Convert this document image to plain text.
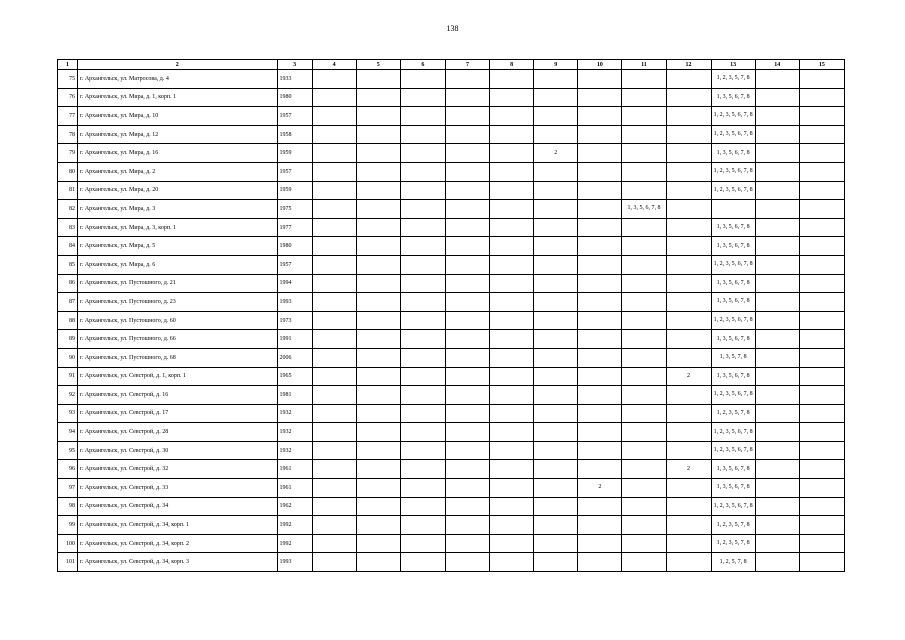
138
1	2	3	4	5	6	7	8	9	10	11	12	13	14	15
75	г. Архангельск, ул. Матросова, д. 4	1933										1, 2, 3, 5, 7, 8		
76	г. Архангельск, ул. Мира, д. 1, корп. 1	1980										1, 3, 5, 6, 7, 8		
77	г. Архангельск, ул. Мира, д. 10	1957										1, 2, 3, 5, 6, 7, 8		
78	г. Архангельск, ул. Мира, д. 12	1958										1, 2, 3, 5, 6, 7, 8		
79	г. Архангельск, ул. Мира, д. 16	1959						2				1, 3, 5, 6, 7, 8		
80	г. Архангельск, ул. Мира, д. 2	1957										1, 2, 3, 5, 6, 7, 8		
81	г. Архангельск, ул. Мира, д. 20	1959										1, 2, 3, 5, 6, 7, 8		
82	г. Архангельск, ул. Мира, д. 3	1975								1, 3, 5, 6, 7, 8				
83	г. Архангельск, ул. Мира, д. 3, корп. 1	1977										1, 3, 5, 6, 7, 8		
84	г. Архангельск, ул. Мира, д. 5	1980										1, 3, 5, 6, 7, 8		
85	г. Архангельск, ул. Мира, д. 6	1957										1, 2, 3, 5, 6, 7, 8		
86	г. Архангельск, ул. Пустошного, д. 21	1994										1, 3, 5, 6, 7, 8		
87	г. Архангельск, ул. Пустошного, д. 23	1993										1, 3, 5, 6, 7, 8		
88	г. Архангельск, ул. Пустошного, д. 60	1973										1, 2, 3, 5, 6, 7, 8		
89	г. Архангельск, ул. Пустошного, д. 66	1991										1, 3, 5, 6, 7, 8		
90	г. Архангельск, ул. Пустошного, д. 68	2006										1, 3, 5, 7, 8		
91	г. Архангельск, ул. Севстрой, д. 1, корп. 1	1965									2	1, 3, 5, 6, 7, 8		
92	г. Архангельск, ул. Севстрой, д. 16	1981										1, 2, 3, 5, 6, 7, 8		
93	г. Архангельск, ул. Севстрой, д. 17	1932										1, 2, 3, 5, 7, 8		
94	г. Архангельск, ул. Севстрой, д. 28	1932										1, 2, 3, 5, 6, 7, 8		
95	г. Архангельск, ул. Севстрой, д. 30	1932										1, 2, 3, 5, 6, 7, 8		
96	г. Архангельск, ул. Севстрой, д. 32	1961									2	1, 3, 5, 6, 7, 8		
97	г. Архангельск, ул. Севстрой, д. 33	1961							2			1, 3, 5, 6, 7, 8		
98	г. Архангельск, ул. Севстрой, д. 34	1962										1, 2, 3, 5, 6, 7, 8		
99	г. Архангельск, ул. Севстрой, д. 34, корп. 1	1992										1, 2, 3, 5, 7, 8		
100	г. Архангельск, ул. Севстрой, д. 34, корп. 2	1992										1, 2, 3, 5, 7, 8		
101	г. Архангельск, ул. Севстрой, д. 34, корп. 3	1993										1, 2, 5, 7, 8		
